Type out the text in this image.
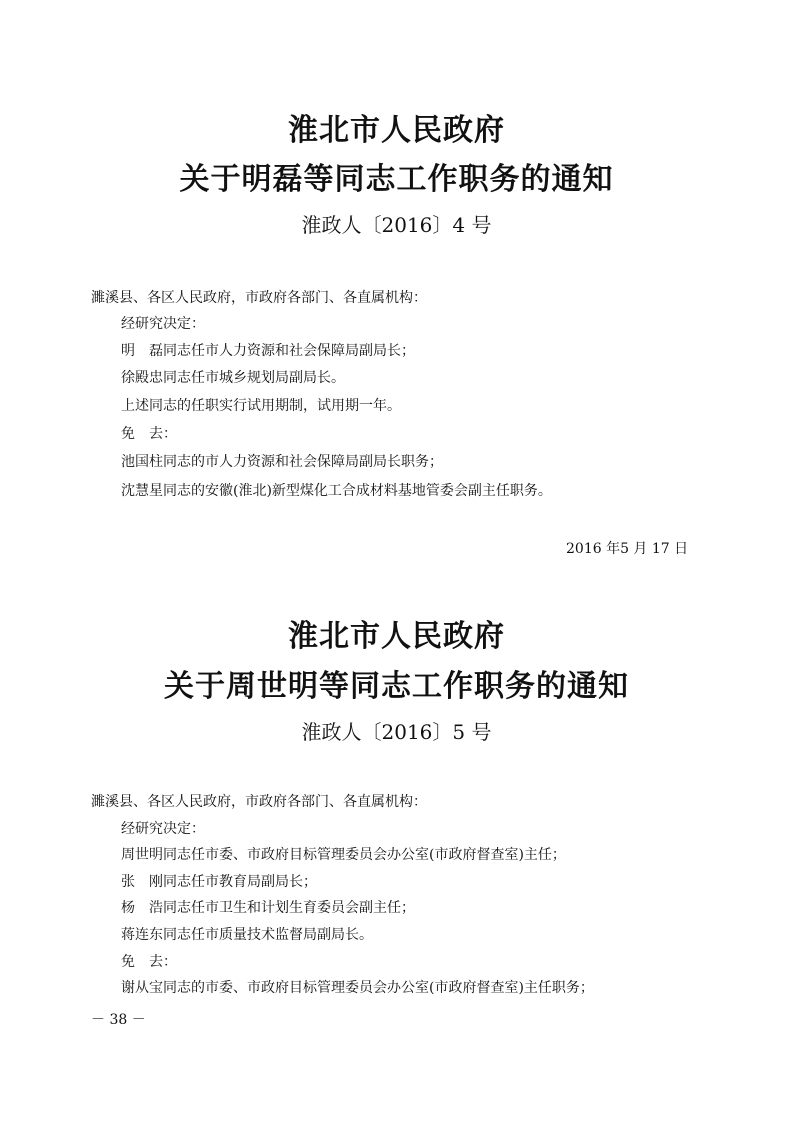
淮北市人民政府
关于明磊等同志工作职务的通知
淮政人〔2016〕4 号
濉溪县、各区人民政府，市政府各部门、各直属机构：
经研究决定：
明　磊同志任市人力资源和社会保障局副局长；
徐殿忠同志任市城乡规划局副局长。
上述同志的任职实行试用期制，试用期一年。
免　去：
池国柱同志的市人力资源和社会保障局副局长职务；
沈慧星同志的安徽(淮北)新型煤化工合成材料基地管委会副主任职务。
2016 年5 月 17 日
淮北市人民政府
关于周世明等同志工作职务的通知
淮政人〔2016〕5 号
濉溪县、各区人民政府，市政府各部门、各直属机构：
经研究决定：
周世明同志任市委、市政府目标管理委员会办公室(市政府督查室)主任；
张　刚同志任市教育局副局长；
杨　浩同志任市卫生和计划生育委员会副主任；
蒋连东同志任市质量技术监督局副局长。
免　去：
谢从宝同志的市委、市政府目标管理委员会办公室(市政府督查室)主任职务；
－ 38 －
